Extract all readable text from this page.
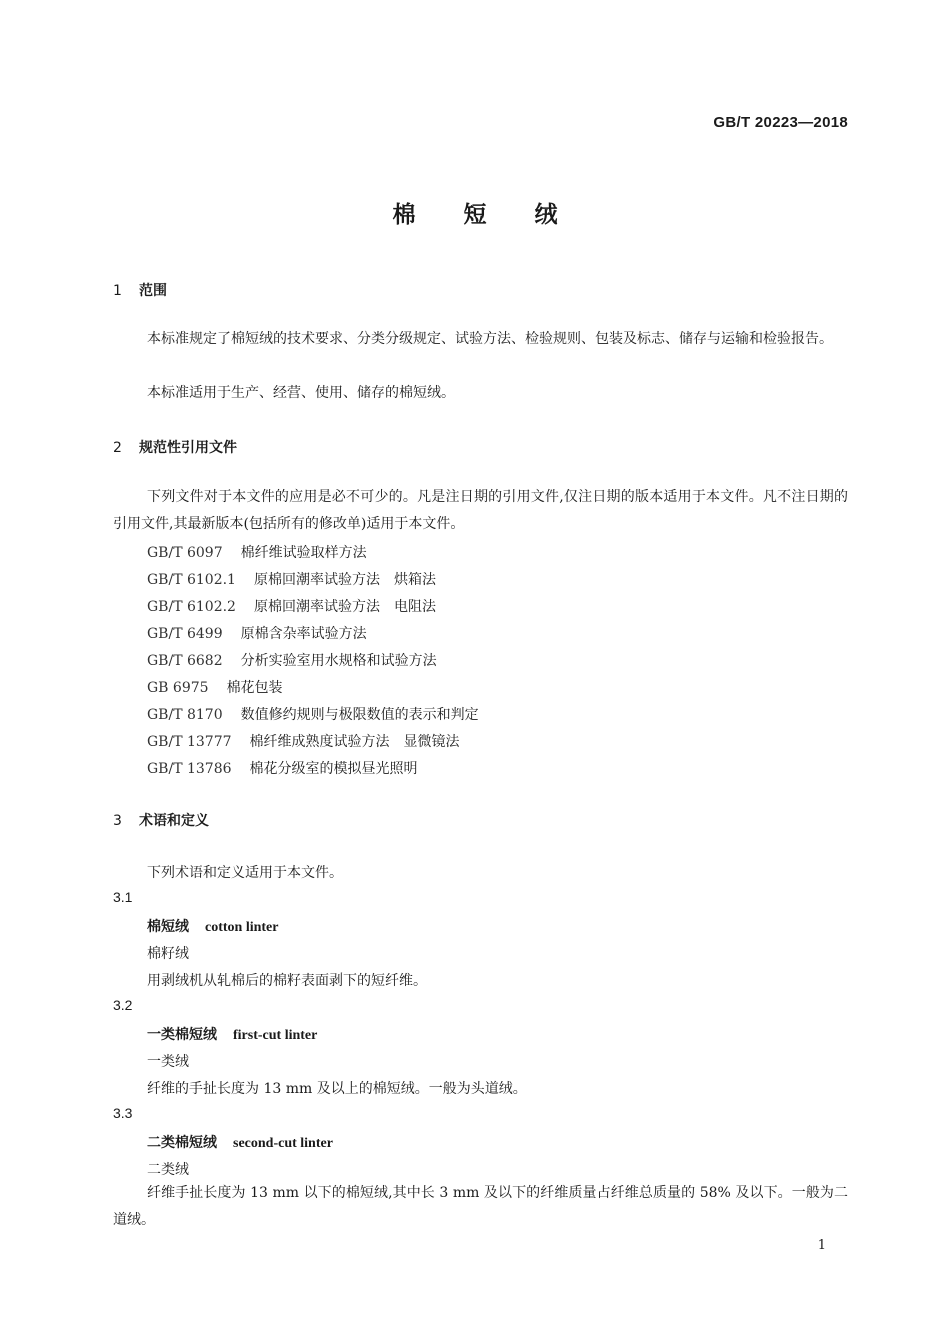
GB/T 20223—2018
棉 短 绒
1 范围
本标准规定了棉短绒的技术要求、分类分级规定、试验方法、检验规则、包装及标志、储存与运输和检验报告。
本标准适用于生产、经营、使用、储存的棉短绒。
2 规范性引用文件
下列文件对于本文件的应用是必不可少的。凡是注日期的引用文件,仅注日期的版本适用于本文件。凡不注日期的引用文件,其最新版本(包括所有的修改单)适用于本文件。
GB/T 6097 棉纤维试验取样方法
GB/T 6102.1 原棉回潮率试验方法　烘箱法
GB/T 6102.2 原棉回潮率试验方法　电阻法
GB/T 6499 原棉含杂率试验方法
GB/T 6682 分析实验室用水规格和试验方法
GB 6975 棉花包装
GB/T 8170 数值修约规则与极限数值的表示和判定
GB/T 13777 棉纤维成熟度试验方法　显微镜法
GB/T 13786 棉花分级室的模拟昼光照明
3 术语和定义
下列术语和定义适用于本文件。
3.1
棉短绒 cotton linter
棉籽绒
用剥绒机从轧棉后的棉籽表面剥下的短纤维。
3.2
一类棉短绒 first-cut linter
一类绒
纤维的手扯长度为 13 mm 及以上的棉短绒。一般为头道绒。
3.3
二类棉短绒 second-cut linter
二类绒
纤维手扯长度为 13 mm 以下的棉短绒,其中长 3 mm 及以下的纤维质量占纤维总质量的 58% 及以下。一般为二道绒。
1
